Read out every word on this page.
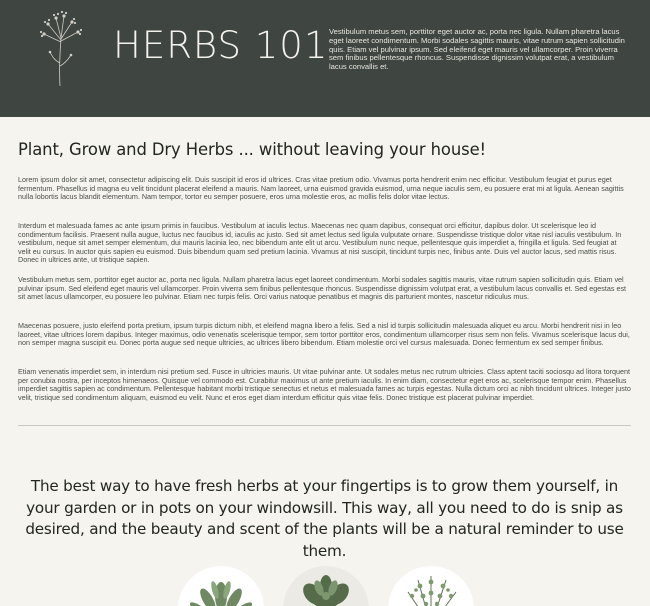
HERBS 101 Vestibulum metus sem, porttitor eget auctor ac, porta nec ligula. Nullam pharetra lacus eget laoreet condimentum. Morbi sodales sagittis mauris, vitae rutrum sapien sollicitudin quis. Etiam vel pulvinar ipsum. Sed eleifend eget mauris vel ullamcorper. Proin viverra sem finibus pellentesque rhoncus. Suspendisse dignissim volutpat erat, a vestibulum lacus convallis et.
Plant, Grow and Dry Herbs ... without leaving your house!

Lorem ipsum dolor sit amet, consectetur adipiscing elit. Duis suscipit id eros id ultrices. Cras vitae pretium odio. Vivamus porta hendrerit enim nec efficitur. Vestibulum feugiat et purus eget fermentum. Phasellus id magna eu velit tincidunt placerat eleifend a mauris. Nam laoreet, urna euismod gravida euismod, urna neque iaculis sem, eu posuere erat mi at ligula. Aenean sagittis nulla lobortis lacus blandit elementum. Nam tempor, tortor eu semper posuere, eros urna molestie eros, ac mollis felis dolor vitae lectus.

Interdum et malesuada fames ac ante ipsum primis in faucibus. Vestibulum at iaculis lectus. Maecenas nec quam dapibus, consequat orci efficitur, dapibus dolor. Ut scelerisque leo id condimentum facilisis. Praesent nulla augue, luctus nec faucibus id, iaculis ac justo. Sed sit amet lectus sed ligula vulputate ornare. Suspendisse tristique dolor vitae nisl iaculis vestibulum. In vestibulum, neque sit amet semper elementum, dui mauris lacinia leo, nec bibendum ante elit ut arcu. Vestibulum nunc neque, pellentesque quis imperdiet a, fringilla et ligula. Sed feugiat at velit eu cursus. In auctor quis sapien eu euismod. Duis bibendum quam sed pretium lacinia. Vivamus at nisi suscipit, tincidunt turpis nec, finibus ante. Duis vel auctor lacus, sed mattis risus. Donec in ultrices ante, ut tristique sapien.

Vestibulum metus sem, porttitor eget auctor ac, porta nec ligula. Nullam pharetra lacus eget laoreet condimentum. Morbi sodales sagittis mauris, vitae rutrum sapien sollicitudin quis. Etiam vel pulvinar ipsum. Sed eleifend eget mauris vel ullamcorper. Proin viverra sem finibus pellentesque rhoncus. Suspendisse dignissim volutpat erat, a vestibulum lacus convallis et. Sed egestas est sit amet lacus ullamcorper, eu posuere leo pulvinar. Etiam nec turpis felis. Orci varius natoque penatibus et magnis dis parturient montes, nascetur ridiculus mus.

Maecenas posuere, justo eleifend porta pretium, ipsum turpis dictum nibh, et eleifend magna libero a felis. Sed a nisl id turpis sollicitudin malesuada aliquet eu arcu. Morbi hendrerit nisi in leo laoreet, vitae ultrices lorem dapibus. Integer maximus, odio venenatis scelerisque tempor, sem tortor porttitor eros, condimentum ullamcorper risus sem non felis. Vivamus scelerisque lacus dui, non semper magna suscipit eu. Donec porta augue sed neque ultricies, ac ultrices libero bibendum. Etiam molestie orci vel cursus malesuada. Donec fermentum ex sed semper finibus.

Etiam venenatis imperdiet sem, in interdum nisi pretium sed. Fusce in ultricies mauris. Ut vitae pulvinar ante. Ut sodales metus nec rutrum ultricies. Class aptent taciti sociosqu ad litora torquent per conubia nostra, per inceptos himenaeos. Quisque vel commodo est. Curabitur maximus ut ante pretium iaculis. In enim diam, consectetur eget eros ac, scelerisque tempor enim. Phasellus imperdiet sagittis sapien ac condimentum. Pellentesque habitant morbi tristique senectus et netus et malesuada fames ac turpis egestas. Nulla dictum orci ac nibh tincidunt ultrices. Integer justo velit, tristique sed condimentum aliquam, euismod eu velit. Nunc et eros eget diam interdum efficitur quis vitae felis. Donec tristique est placerat pulvinar imperdiet.

The best way to have fresh herbs at your fingertips is to grow them yourself, in your garden or in pots on your windowsill. This way, all you need to do is snip as desired, and the beauty and scent of the plants will be a natural reminder to use them.
